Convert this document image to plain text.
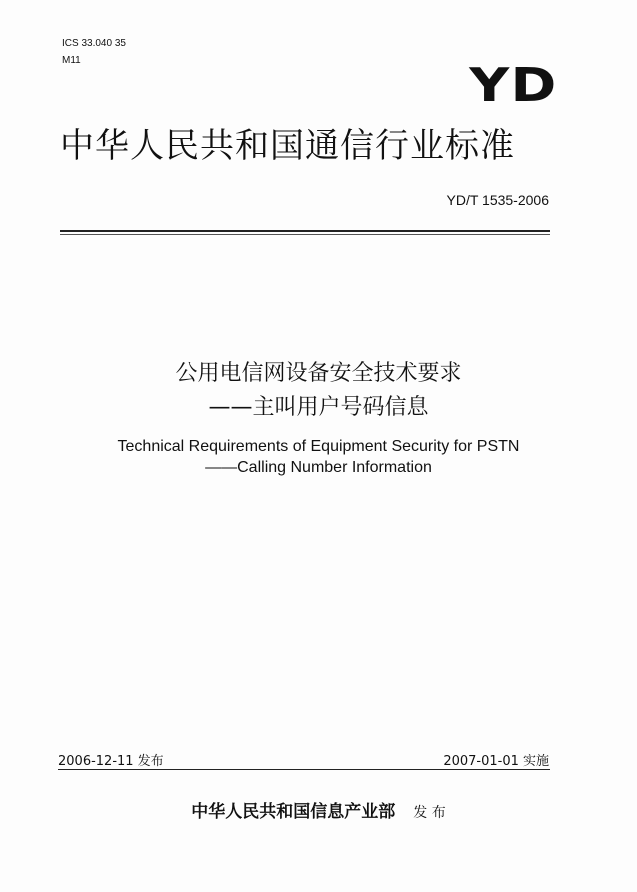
ICS 33.040 35
M11	YD
中华人民共和国通信行业标准
YD/T 1535-2006
公用电信网设备安全技术要求
——主叫用户号码信息
Technical Requirements of Equipment Security for PSTN
——Calling Number Information
2006-12-11 发布	2007-01-01 实施
中华人民共和国信息产业部 发 布
